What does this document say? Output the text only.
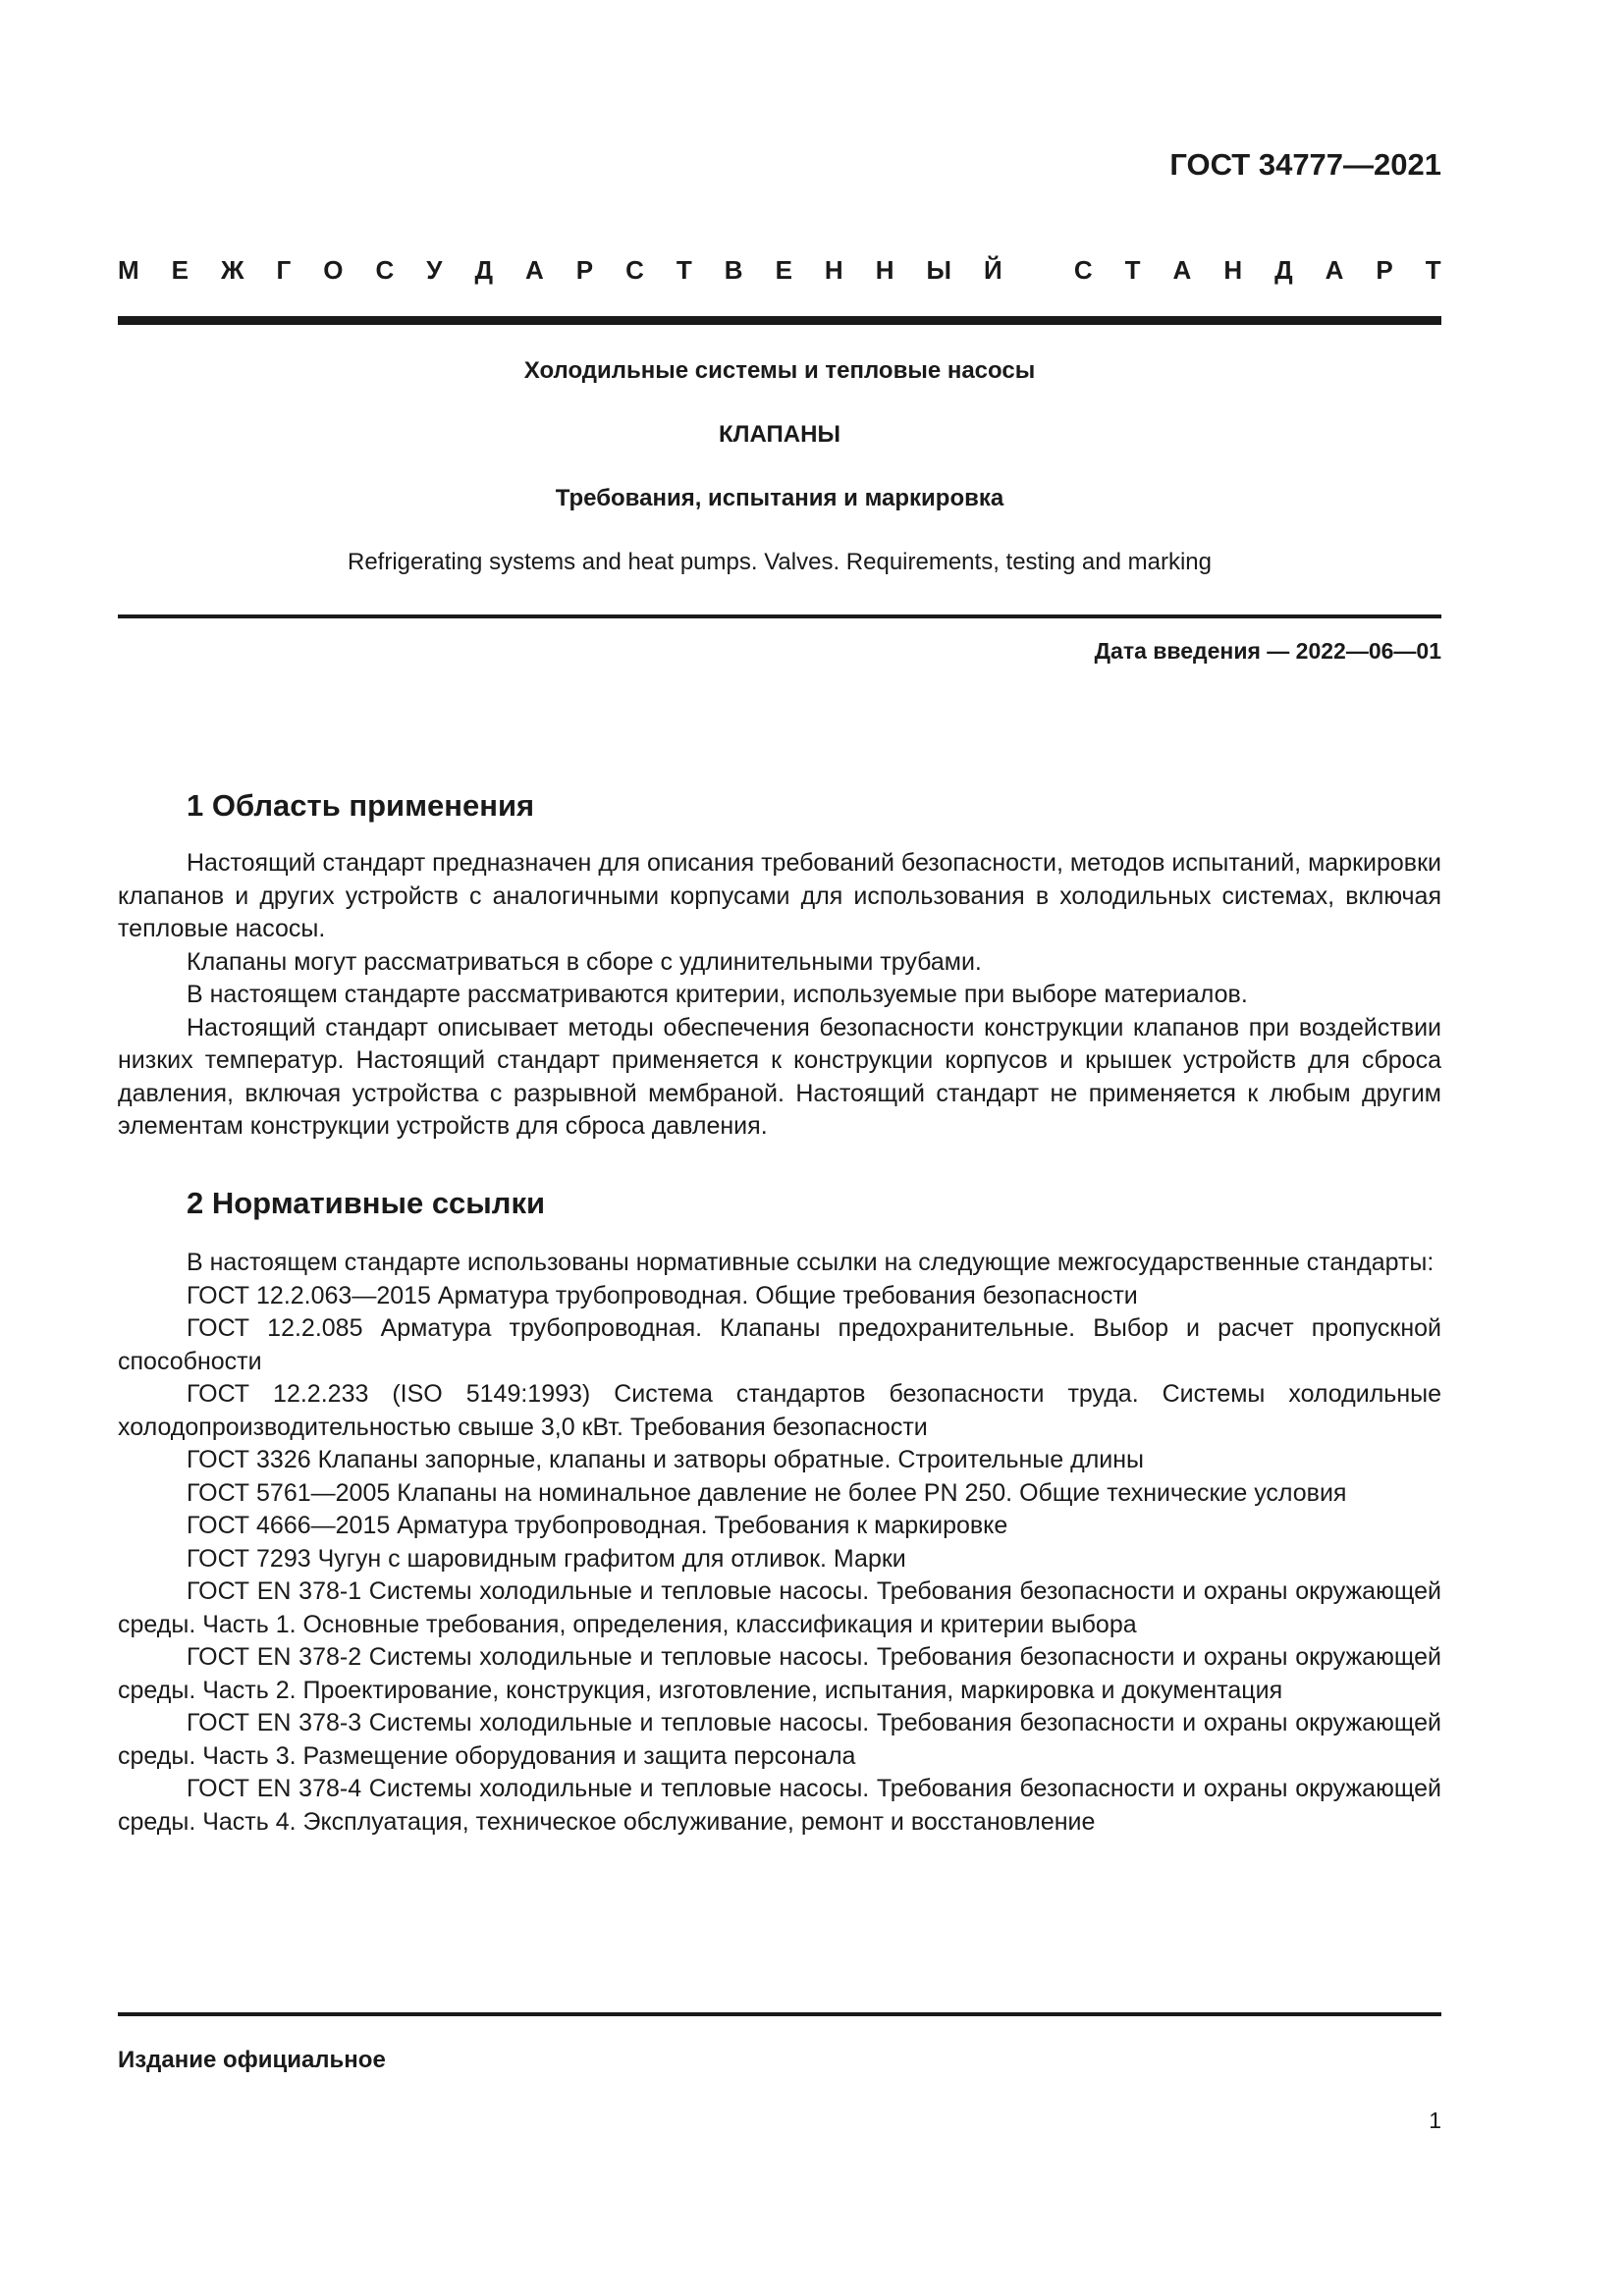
ГОСТ 34777—2021
М Е Ж Г О С У Д А Р С Т В Е Н Н Ы Й
	С Т А Н Д А Р Т
Холодильные системы и тепловые насосы
КЛАПАНЫ
Требования, испытания и маркировка
Refrigerating systems and heat pumps. Valves. Requirements, testing and marking
Дата введения — 2022—06—01
1 Область применения

Настоящий стандарт предназначен для описания требований безопасности, методов испытаний, маркировки клапанов и других устройств с аналогичными корпусами для использования в холодильных системах, включая тепловые насосы.

Клапаны могут рассматриваться в сборе с удлинительными трубами.

В настоящем стандарте рассматриваются критерии, используемые при выборе материалов.

Настоящий стандарт описывает методы обеспечения безопасности конструкции клапанов при воздействии низких температур. Настоящий стандарт применяется к конструкции корпусов и крышек устройств для сброса давления, включая устройства с разрывной мембраной. Настоящий стандарт не применяется к любым другим элементам конструкции устройств для сброса давления.

2 Нормативные ссылки

В настоящем стандарте использованы нормативные ссылки на следующие межгосударственные стандарты:

ГОСТ 12.2.063—2015 Арматура трубопроводная. Общие требования безопасности

ГОСТ 12.2.085 Арматура трубопроводная. Клапаны предохранительные. Выбор и расчет пропускной способности

ГОСТ 12.2.233 (ISO 5149:1993) Система стандартов безопасности труда. Системы холодильные холодопроизводительностью свыше 3,0 кВт. Требования безопасности

ГОСТ 3326 Клапаны запорные, клапаны и затворы обратные. Строительные длины

ГОСТ 5761—2005 Клапаны на номинальное давление не более PN 250. Общие технические условия

ГОСТ 4666—2015 Арматура трубопроводная. Требования к маркировке

ГОСТ 7293 Чугун с шаровидным графитом для отливок. Марки

ГОСТ EN 378-1 Системы холодильные и тепловые насосы. Требования безопасности и охраны окружающей среды. Часть 1. Основные требования, определения, классификация и критерии выбора

ГОСТ EN 378-2 Системы холодильные и тепловые насосы. Требования безопасности и охраны окружающей среды. Часть 2. Проектирование, конструкция, изготовление, испытания, маркировка и документация

ГОСТ EN 378-3 Системы холодильные и тепловые насосы. Требования безопасности и охраны окружающей среды. Часть 3. Размещение оборудования и защита персонала

ГОСТ EN 378-4 Системы холодильные и тепловые насосы. Требования безопасности и охраны окружающей среды. Часть 4. Эксплуатация, техническое обслуживание, ремонт и восстановление

Издание официальное
1
